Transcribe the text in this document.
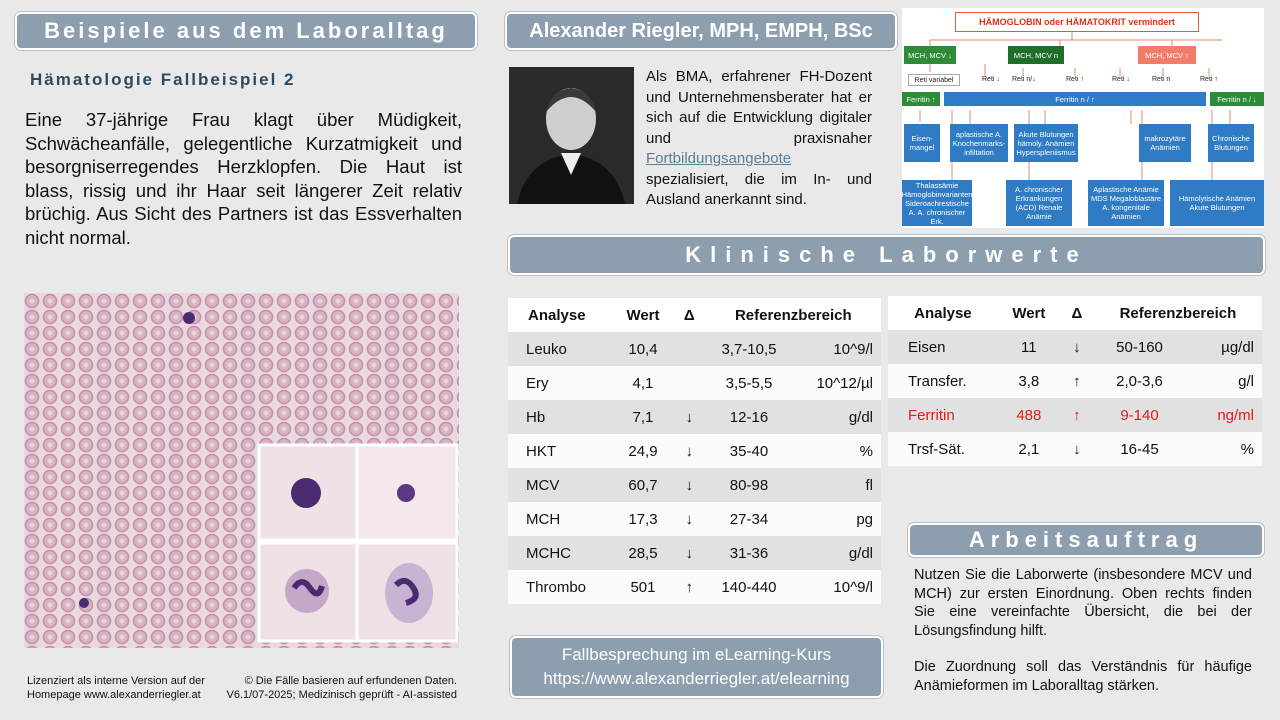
Beispiele aus dem Laboralltag
Hämatologie Fallbeispiel 2
Eine 37-jährige Frau klagt über Müdigkeit, Schwächeanfälle, gelegentliche Kurzatmigkeit und besorgniserregendes Herzklopfen. Die Haut ist blass, rissig und ihr Haar seit längerer Zeit relativ brüchig. Aus Sicht des Partners ist das Essverhalten nicht normal.
Lizenziert als interne Version auf der Homepage www.alexanderriegler.at
© Die Fälle basieren auf erfundenen Daten.
V6.1/07-2025; Medizinisch geprüft - AI-assisted
Alexander Riegler, MPH, EMPH, BSc
Als BMA, erfahrener FH-Dozent und Unternehmensberater hat er sich auf die Entwicklung digitaler und praxisnaher Fortbildungsangebote spezialisiert, die im In- und Ausland anerkannt sind.
HÄMOGLOBIN oder HÄMATOKRIT vermindert
MCH, MCV ↓	MCH, MCV n	MCH, MCV ↑
Reti variabel	Reti ↓ Reti n/↓	Reti ↑	Reti ↓	Reti n	Reti ↑
Ferritin ↑	Ferritin n / ↑	Ferritin n / ↓
Eisen-mangel
aplastische A. Knochenmarks-infiltation
Akute Blutungen hämoly. Anämien Hyperspleniismus
makrozytäre Anämien
Chronische Blutungen
Thalassämie Hämoglobinvarianten Sideroachrestische A. A. chronischer Erk.
A. chronischer Erkrankungen (ACD) Renale Anämie
Aplastische Anämie MDS Megaloblastäre A. kongenitale Anämien
Hämolytische Anämien Akute Blutungen
Klinische Laborwerte
Analyse	Wert	Δ	Referenzbereich	
Leuko	10,4		3,7-10,5	10^9/l
Ery	4,1		3,5-5,5	10^12/µl
Hb	7,1	↓	12-16	g/dl
HKT	24,9	↓	35-40	%
MCV	60,7	↓	80-98	fl
MCH	17,3	↓	27-34	pg
MCHC	28,5	↓	31-36	g/dl
Thrombo	501	↑	140-440	10^9/l
Analyse	Wert	Δ	Referenzbereich	
Eisen	11	↓	50-160	µg/dl
Transfer.	3,8	↑	2,0-3,6	g/l
Ferritin	488	↑	9-140	ng/ml
Trsf-Sät.	2,1	↓	16-45	%
Arbeitsauftrag

Nutzen Sie die Laborwerte (insbesondere MCV und MCH) zur ersten Einordnung. Oben rechts finden Sie eine vereinfachte Übersicht, die bei der Lösungsfindung hilft.

Die Zuordnung soll das Verständnis für häufige Anämieformen im Laboralltag stärken.

Fallbesprechung im eLearning-Kurs
https://www.alexanderriegler.at/elearning
